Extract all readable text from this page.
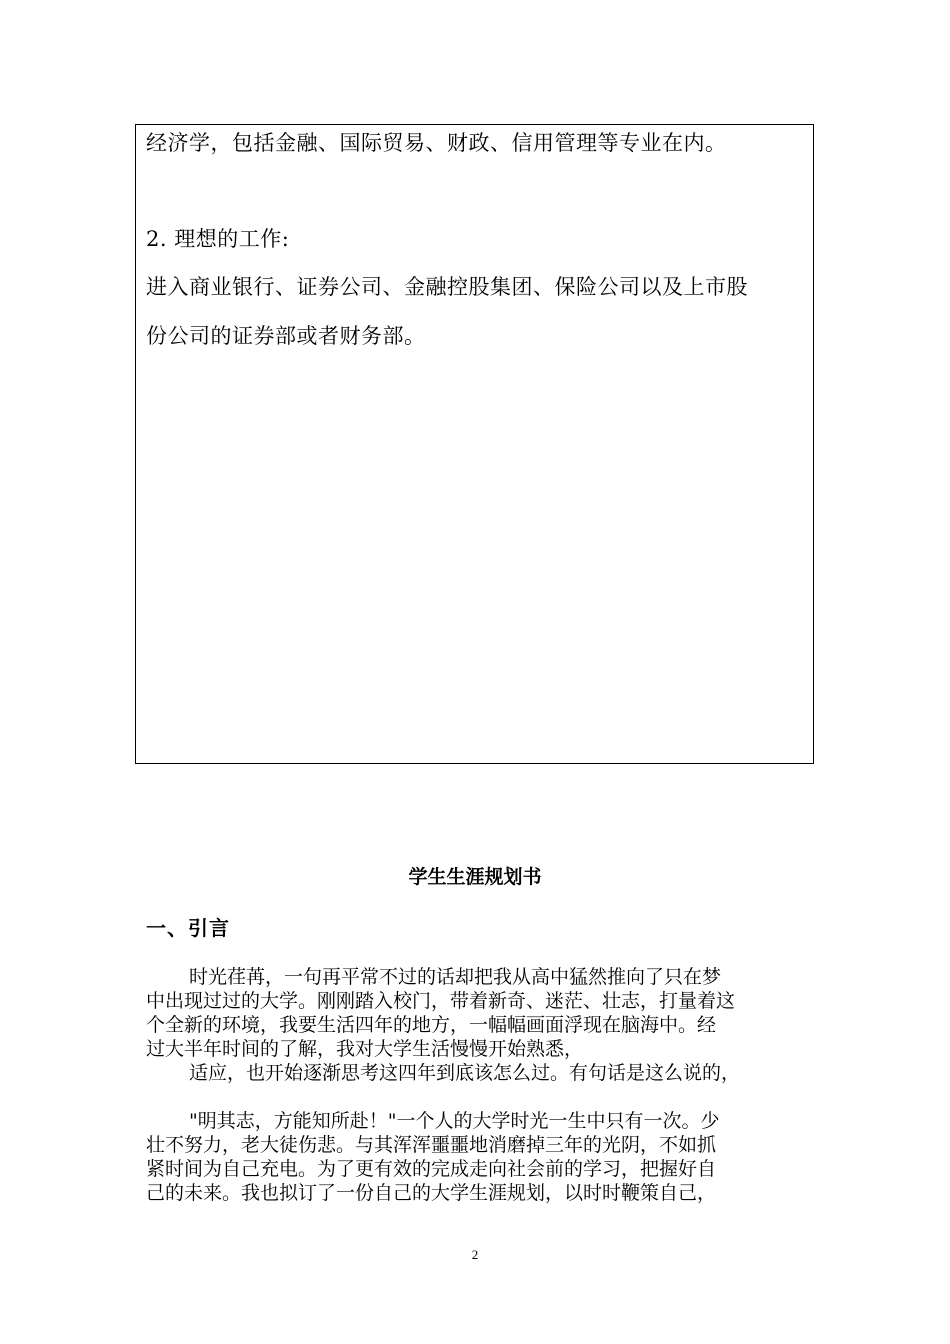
经济学，包括金融、国际贸易、财政、信用管理等专业在内。
2. 理想的工作:
进入商业银行、证券公司、金融控股集团、保险公司以及上市股
份公司的证券部或者财务部。
学生生涯规划书
一、引言
时光荏苒，一句再平常不过的话却把我从高中猛然推向了只在梦
中出现过过的大学。刚刚踏入校门，带着新奇、迷茫、壮志，打量着这
个全新的环境，我要生活四年的地方，一幅幅画面浮现在脑海中。经
过大半年时间的了解，我对大学生活慢慢开始熟悉，
适应，也开始逐渐思考这四年到底该怎么过。有句话是这么说的，
"明其志，方能知所赴！"一个人的大学时光一生中只有一次。少
壮不努力，老大徒伤悲。与其浑浑噩噩地消磨掉三年的光阴，不如抓
紧时间为自己充电。为了更有效的完成走向社会前的学习，把握好自
己的未来。我也拟订了一份自己的大学生涯规划，以时时鞭策自己，
2
